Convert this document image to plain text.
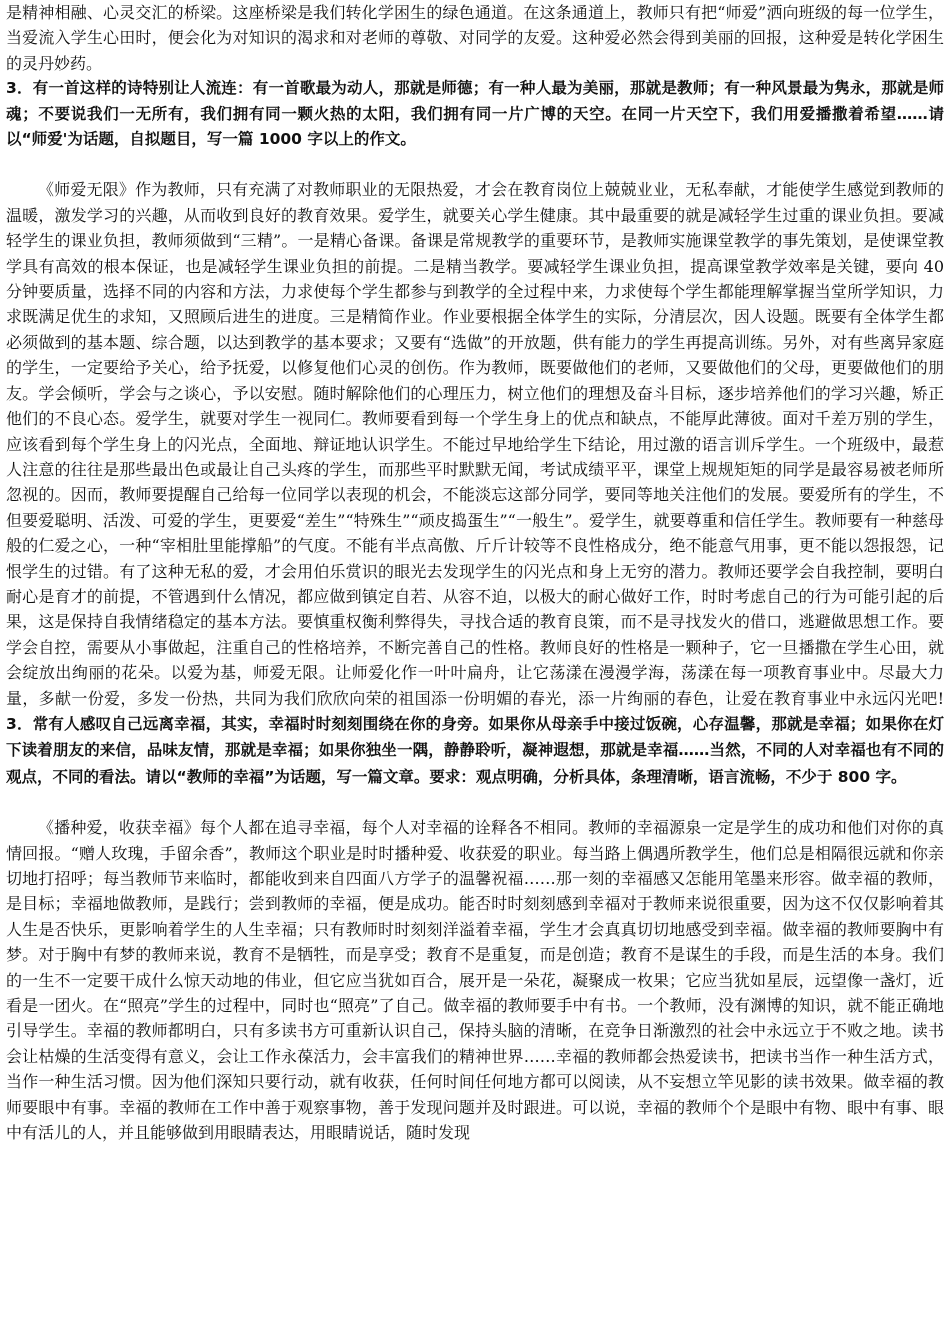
是精神相融、心灵交汇的桥梁。这座桥梁是我们转化学困生的绿色通道。在这条通道上，教师只有把“师爱”洒向班级的每一位学生，当爱流入学生心田时，便会化为对知识的渴求和对老师的尊敬、对同学的友爱。这种爱必然会得到美丽的回报，这种爱是转化学困生的灵丹妙药。

3．有一首这样的诗特别让人流连：有一首歌最为动人，那就是师德；有一种人最为美丽，那就是教师；有一种风景最为隽永，那就是师魂；不要说我们一无所有，我们拥有同一颗火热的太阳，我们拥有同一片广博的天空。在同一片天空下，我们用爱播撒着希望……请以“师爱'为话题，自拟题目，写一篇 1000 字以上的作文。

《师爱无限》作为教师，只有充满了对教师职业的无限热爱，才会在教育岗位上兢兢业业，无私奉献，才能使学生感觉到教师的温暖，激发学习的兴趣，从而收到良好的教育效果。爱学生，就要关心学生健康。其中最重要的就是减轻学生过重的课业负担。要减轻学生的课业负担，教师须做到“三精”。一是精心备课。备课是常规教学的重要环节，是教师实施课堂教学的事先策划，是使课堂教学具有高效的根本保证，也是减轻学生课业负担的前提。二是精当教学。要减轻学生课业负担，提高课堂教学效率是关键，要向 40 分钟要质量，选择不同的内容和方法，力求使每个学生都参与到教学的全过程中来，力求使每个学生都能理解掌握当堂所学知识，力求既满足优生的求知，又照顾后进生的进度。三是精简作业。作业要根据全体学生的实际，分清层次，因人设题。既要有全体学生都必须做到的基本题、综合题，以达到教学的基本要求；又要有“选做”的开放题，供有能力的学生再提高训练。另外，对有些离异家庭的学生，一定要给予关心，给予抚爱，以修复他们心灵的创伤。作为教师，既要做他们的老师，又要做他们的父母，更要做他们的朋友。学会倾听，学会与之谈心，予以安慰。随时解除他们的心理压力，树立他们的理想及奋斗目标，逐步培养他们的学习兴趣，矫正他们的不良心态。爱学生，就要对学生一视同仁。教师要看到每一个学生身上的优点和缺点，不能厚此薄彼。面对千差万别的学生，应该看到每个学生身上的闪光点，全面地、辩证地认识学生。不能过早地给学生下结论，用过激的语言训斥学生。一个班级中，最惹人注意的往往是那些最出色或最让自己头疼的学生，而那些平时默默无闻，考试成绩平平，课堂上规规矩矩的同学是最容易被老师所忽视的。因而，教师要提醒自己给每一位同学以表现的机会，不能淡忘这部分同学，要同等地关注他们的发展。要爱所有的学生，不但要爱聪明、活泼、可爱的学生，更要爱“差生”“特殊生”“顽皮捣蛋生”“一般生”。爱学生，就要尊重和信任学生。教师要有一种慈母般的仁爱之心，一种“宰相肚里能撑船”的气度。不能有半点高傲、斤斤计较等不良性格成分，绝不能意气用事，更不能以怨报怨，记恨学生的过错。有了这种无私的爱，才会用伯乐赏识的眼光去发现学生的闪光点和身上无穷的潜力。教师还要学会自我控制，要明白耐心是育才的前提，不管遇到什么情况，都应做到镇定自若、从容不迫，以极大的耐心做好工作，时时考虑自己的行为可能引起的后果，这是保持自我情绪稳定的基本方法。要慎重权衡利弊得失，寻找合适的教育良策，而不是寻找发火的借口，逃避做思想工作。要学会自控，需要从小事做起，注重自己的性格培养，不断完善自己的性格。教师良好的性格是一颗种子，它一旦播撒在学生心田，就会绽放出绚丽的花朵。以爱为基，师爱无限。让师爱化作一叶叶扁舟，让它荡漾在漫漫学海，荡漾在每一项教育事业中。尽最大力量，多献一份爱，多发一份热，共同为我们欣欣向荣的祖国添一份明媚的春光，添一片绚丽的春色，让爱在教育事业中永远闪光吧!3．常有人感叹自己远离幸福，其实，幸福时时刻刻围绕在你的身旁。如果你从母亲手中接过饭碗，心存温馨，那就是幸福；如果你在灯下读着朋友的来信，品味友情，那就是幸福；如果你独坐一隅，静静聆听，凝神遐想，那就是幸福……当然，不同的人对幸福也有不同的观点，不同的看法。请以“教师的幸福”为话题，写一篇文章。要求：观点明确，分析具体，条理清晰，语言流畅，不少于 800 字。

《播种爱，收获幸福》每个人都在追寻幸福，每个人对幸福的诠释各不相同。教师的幸福源泉一定是学生的成功和他们对你的真情回报。“赠人玫瑰，手留余香”，教师这个职业是时时播种爱、收获爱的职业。每当路上偶遇所教学生，他们总是相隔很远就和你亲切地打招呼；每当教师节来临时，都能收到来自四面八方学子的温馨祝福……那一刻的幸福感又怎能用笔墨来形容。做幸福的教师，是目标；幸福地做教师，是践行；尝到教师的幸福，便是成功。能否时时刻刻感到幸福对于教师来说很重要，因为这不仅仅影响着其人生是否快乐，更影响着学生的人生幸福；只有教师时时刻刻洋溢着幸福，学生才会真真切切地感受到幸福。做幸福的教师要胸中有梦。对于胸中有梦的教师来说，教育不是牺牲，而是享受；教育不是重复，而是创造；教育不是谋生的手段，而是生活的本身。我们的一生不一定要干成什么惊天动地的伟业，但它应当犹如百合，展开是一朵花，凝聚成一枚果；它应当犹如星辰，远望像一盏灯，近看是一团火。在“照亮”学生的过程中，同时也“照亮”了自己。做幸福的教师要手中有书。一个教师，没有渊博的知识，就不能正确地引导学生。幸福的教师都明白，只有多读书方可重新认识自己，保持头脑的清晰，在竞争日渐激烈的社会中永远立于不败之地。读书会让枯燥的生活变得有意义，会让工作永葆活力，会丰富我们的精神世界……幸福的教师都会热爱读书，把读书当作一种生活方式，当作一种生活习惯。因为他们深知只要行动，就有收获，任何时间任何地方都可以阅读，从不妄想立竿见影的读书效果。做幸福的教师要眼中有事。幸福的教师在工作中善于观察事物，善于发现问题并及时跟进。可以说，幸福的教师个个是眼中有物、眼中有事、眼中有活儿的人，并且能够做到用眼睛表达，用眼睛说话，随时发现
